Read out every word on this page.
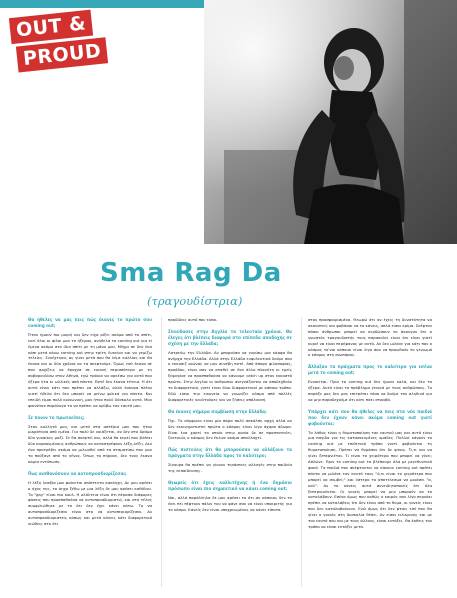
OUT &
PROUD
Sma Rag Da

(τραγουδίστρια)

Θα ήθελες να μας πεις πώς έκανες το πρώτο σου coming out;

Όταν ήμουν πιο μικρή και δεν είχα ρίξει ακόμα από το σπίτι, εκεί όλοι οι φίλοι μου το ήξεραν, ανήθελα το coming out για τί έμενα ακόμα στο ίδιο σπίτι με τη μάνα μου. Μέχρι σε δεν έκα κάπι μετά κάνω coming out στην τρίτη Λυκείου και να γεμίζω τελείες. Συνέχτηκα, ας γίνει μετά που θα λέμε καλλίας και θα έκανα και οι δύο χρόνια να τα σκεφτούμε. Όμως εσύ έκανα σε που αρχίζεις να έψαχνα σε εικονή περισσότερο με τη σοβαρουλίσω στον Αθηνά, εγώ τρόνια να αρκέσω για αυτό που ήξερα ήτα κι ωλλικές από πάντα. Ποτέ δεν έκανα τέτεια. Η ότι αυτό είναι κάτι που πρέπει να αλλάξω, αλλά έσκυψα πλέον γιατί ήθελα ότι δεν μπορεί να μείνω φιλικά για πάντα. Και επειδή είμαι πολύ κοινωνική, μου ήταν πολύ δύσκολο αυτό. Μου φαινόταν παράλογο το να πρέπει να κρύβω τον εαυτό μου.

Σε ποιον το πρωτοείπες;

Στον κολλητό μου, και μετά στα αστέρια μου που ήταν μικρότερα από εμένα. Για πολύ δε νοιάζεται, αν δεν στο δράμα δύο γυναίκες μαζί. Σε θα σκεφτεί και, αλλά θα κερεί που βλέπει δύο καρσονμένους ανθρώπους να καταστρέφουν λέξη-λέξη. Δεν ένα προτρέβει ακόμα να μιλωνθεί από τα σταματίσω που μου το πούξανε από το γένος. Όπως το πήρανε, δεν τους έκανα καμία εντύπωση.

Πως αισθανόσουν να αυτοπροσδιορίζεσαι;

Η λέξη λεσβία μου φαίνεται απίστευτα κακόηχη. Δε μου αρέσει ο ήχος της, το άηχο ξέθω με μια λέξη δε μου αρέσει καθόλου. Το "gay" είναι πιο κουλ. Η ολόλτεια είναι ότι πέρασα διάφορες φάσεις που προσπαθούσα να αυτοπροσδιοριστώ, και στο τέλος συμφιλιώθηκε με το ότι δεν έχει κάνει κάτω. Το να αυτοπροσδιορίζεσαι είναι στο να αυτοπεριορίζεσαι. Αν αυτοπροσδιοριστείς κάπως και μετά κάνεις κάτι διαφορετικό νιώθεις στο ότι

προδίδεις αυτό που είσαι.

Σπούδασες στην Αγγλία τα τελευταία χρόνια. Θα έλεγες ότι βλέπεις διαφορά στο επίπεδο αποδοχής σε σχέση με την Ελλάδα;

Λατρεύω την Ελλάδα. Αν μπορούσα να γυρίσω μια κάρφα θα ανήρχα την Ελλάδα. Αλλά στην Ελλάδα ευφυλεκτικά δούμε σαν ο εκκοσιζ αιώνας να μην συνέβη ποτέ. Από άποψη φιλοσοφίας, προόδου, είναι σαν να σταθεί σε ένα άλλο πλανήτη κι εμείς ξεφυγάνε να προσπαθούσα να κάνουμε catch up στον εκκοστό πρώτο. Στην Αγγλία οι άνθρωποι ανεγνάζονται να αποδεχθούν το διαφορετικό, γιατί είναι όλοι διαφορετικοί με κάποιο τρόπο. Εδώ είσαι την εικονεία να γνωρίζει κόσμο από πολλές διαφορετικές κουλτούρες και να ζήσεις απόλαυσή.

Θα έκανες σήμερα συμβίωση στην Ελλάδα;

Όχι. Το σύμφωνο είναι μία πάρα πολύ ασκάλπη αρχή αλλά αν δεν εκκινηματιστεί πρώτα ο κόσμος είναι λίγο άχαρο άδωρο. Είναι ένα χαρτί το οποίο στην ουσία δε σε προστατεύει, ζυκτικώς ο κόσμος δεν έκλινε ακόμα απαλλαχτί.

Πώς πιστεύεις ότι θα μπορούσαν να αλλάξουν τα πράγματα στην Ελλάδα προς το καλύτερο;

Σίγουρα θα πρέπει να γίνουν τεράστιες αλλαγές στην παιδεία της εκπαίδευσης.

Θεωρείς ότι έχεις καλλιτέχνης ή ένα δημόσιο πρόσωπο είναι πιο σημαντικό να κάνει coming out;

Ναι, αλλά παράλληλα δε μου αρέσει το ότι αν κάποιος δεν το έκει πει πέφτουν πάλιν του να φάνε σαν να είναι υποκριτής για το κόσμο. Κανείς δεν είναι υποχρεωμένος να κάνει τίποτα

στον προσφαιρισμένο. Θεωρώ ότι αν έχεις τη δυνατότητα να ακουστείς και φοβάσαι να το κάνεις, απλά είσαι κρίμα. Σκέφτου πόσοι άνθρωποι μπορεί να κερδώσουν το άκουγαν ότι ο γνωστός τραγουδιστής τους παρακολεί είναι ότι είναι γιατί κυριέ να είναι περήφανος με αυτό. Αν δεν μιλάνε για κάτι που ο κόσμος το'ναι κάποιοι είναι λίγο σαν να προωθούν το γενιωμό ο κόσμος στη σιωπάρας.

Άλλαξαν τα πράγματα προς το καλύτερο για εσένα μετά το coming out;

Εννοείται. Πριν το coming out δεν ήμουν καλά, και δεν το ήξερα. Αυτό είναι το πρόβλημα γενικά με τους ανθρώπους. Το παράξε μας δεν μας επιτρέπει τόσο να δούμε τον αληθινό για να μην παραδεχούμε ότι κάτι πάει στραβά.

Υπάρχει κάτι που θα ήθελες να πεις στα νέα παιδιά που δεν έχουν κάνει ακόμα coming out γιατί φοβούνται;

Το λάθος είναι η θυματοποίηση του εαυτού μας και αυτό είναι μια παγίδα για τις κατασκευμένες ομάδες. Πολλοί κάνουν το coming out με επιθετικό τρόπο γιατί φοβούνται τη θυματοποίηση. Πρέπει να θυμάσαι ότι δε φταις. Ό,τι και να γίνει ξεπερνιέται. Τι είναι το χειρότερο που μπορεί να γίνει; Απλώνε. Πριν το coming out τα βλέπουμε όλα με μεγεθυντικό φακό. Τα παιδιά που σκέφτονται να κάνουν coming out πρέπει πάντα να μιλάνε τον εαυτό τους "ό,τι είναι το χειρότερο που μπορεί να συμβεί;" και ύστερο το αποτελεσμα να μοιάσει "α, καλ". Αν το κάνεις αυτό συνειδητοποιείς ότι όλα ξεπερνιούνται. Οι γονείς μπορεί να μην μπορούν να το καταλάβουν. Εσένα όμως που καθώς ο καιρός σου λίγο περνάει πρέπει να καταλάβεις ότι δεν είναι από το θυμα, οι γονείς είναι που δεν καταλαβαίνουν. Ενώ όμως ότι δεν φταις εσύ που θα γίνει ο γονιός στη δυσκολία θέσει. Αν είσαι ειλικρινής και με τον εαυτό σου και με τους άλλους, είσαι εντάξει. Θα έρθεις τον τρόπο να είσαι εντάξει μετά.
